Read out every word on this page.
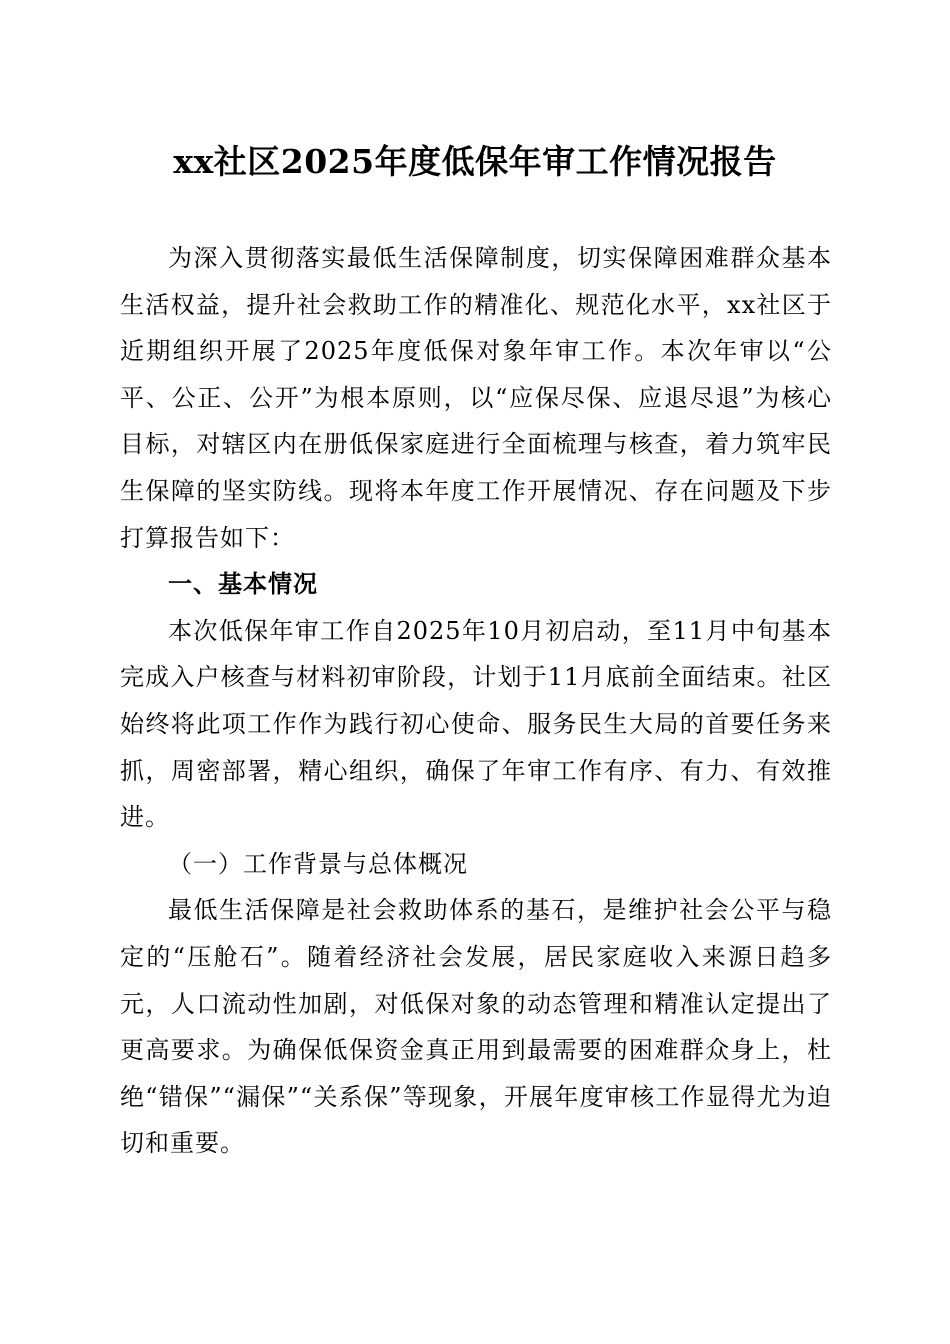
xx社区2025年度低保年审工作情况报告

为深入贯彻落实最低生活保障制度，切实保障困难群众基本生活权益，提升社会救助工作的精准化、规范化水平，xx社区于近期组织开展了2025年度低保对象年审工作。本次年审以“公平、公正、公开”为根本原则，以“应保尽保、应退尽退”为核心目标，对辖区内在册低保家庭进行全面梳理与核查，着力筑牢民生保障的坚实防线。现将本年度工作开展情况、存在问题及下步打算报告如下：

一、基本情况

本次低保年审工作自2025年10月初启动，至11月中旬基本完成入户核查与材料初审阶段，计划于11月底前全面结束。社区始终将此项工作作为践行初心使命、服务民生大局的首要任务来抓，周密部署，精心组织，确保了年审工作有序、有力、有效推进。

（一）工作背景与总体概况

最低生活保障是社会救助体系的基石，是维护社会公平与稳定的“压舱石”。随着经济社会发展，居民家庭收入来源日趋多元，人口流动性加剧，对低保对象的动态管理和精准认定提出了更高要求。为确保低保资金真正用到最需要的困难群众身上，杜绝“错保”“漏保”“关系保”等现象，开展年度审核工作显得尤为迫切和重要。
